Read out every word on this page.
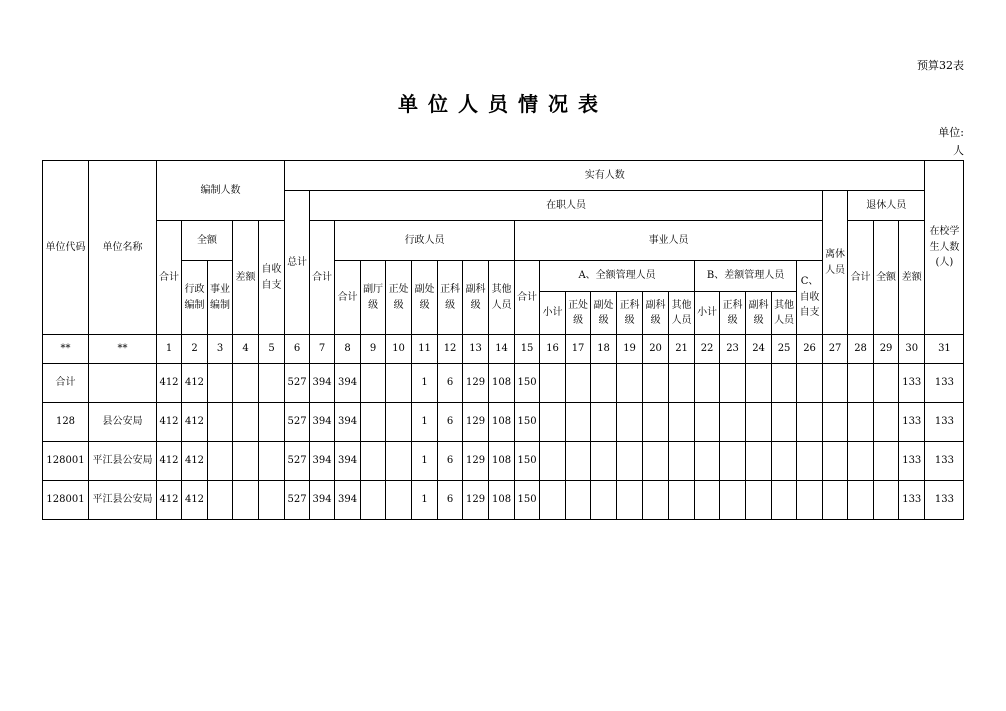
预算32表
单位人员情况表
单位:
人
单位代码	单位名称	编制人数					实有人数																									在校学生人数(人)	
							总计	在职人员																				离休人员	退休人员				
		合计	全额		差额	自收自支		合计	行政人员							事业人员													合计	全额	差额		
			行政编制	事业编制					合计	副厅级	正处级	副处级	正科级	副科级	其他人员	合计	A、全额管理人员						B、差额管理人员				C、自收自支						
																	小计	正处级	副处级	正科级	副科级	其他人员	小计	正科级	副科级	其他人员							

**	**	1	2	3	4	5	6	7	8	9	10	11	12	13	14	15	16	17	18	19	20	21	22	23	24	25	26	27	28	29	30	31	
合计		412	412				527	394	394			1	6	129	108	150															133	133		
128	县公安局	412	412				527	394	394			1	6	129	108	150															133	133		
128001	平江县公安局	412	412				527	394	394			1	6	129	108	150															133	133		
128001	平江县公安局	412	412				527	394	394			1	6	129	108	150															133	133		
